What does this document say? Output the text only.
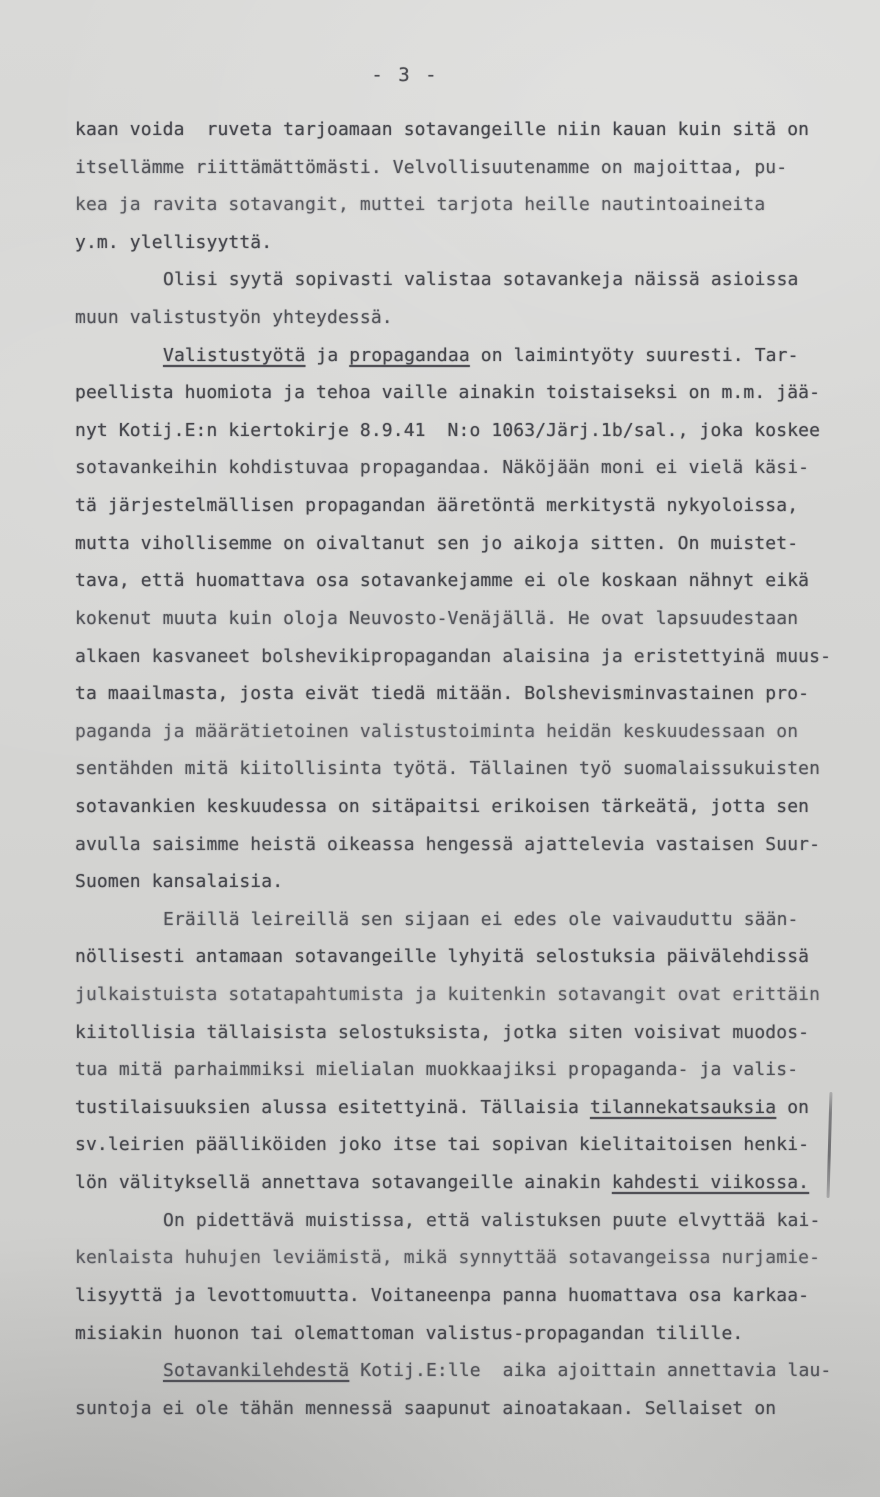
- 3 -
kaan voida  ruveta tarjoamaan sotavangeille niin kauan kuin sitä on
itsellämme riittämättömästi. Velvollisuutenamme on majoittaa, pu-
kea ja ravita sotavangit, muttei tarjota heille nautintoaineita
y.m. ylellisyyttä.
Olisi syytä sopivasti valistaa sotavankeja näissä asioissa
muun valistustyön yhteydessä.
Valistustyötä ja propagandaa on laimintyöty suuresti. Tar-
peellista huomiota ja tehoa vaille ainakin toistaiseksi on m.m. jää-
nyt Kotij.E:n kiertokirje 8.9.41  N:o 1063/Järj.1b/sal., joka koskee
sotavankeihin kohdistuvaa propagandaa. Näköjään moni ei vielä käsi-
tä järjestelmällisen propagandan ääretöntä merkitystä nykyoloissa,
mutta vihollisemme on oivaltanut sen jo aikoja sitten. On muistet-
tava, että huomattava osa sotavankejamme ei ole koskaan nähnyt eikä
kokenut muuta kuin oloja Neuvosto-Venäjällä. He ovat lapsuudestaan
alkaen kasvaneet bolshevikipropagandan alaisina ja eristettyinä muus-
ta maailmasta, josta eivät tiedä mitään. Bolshevisminvastainen pro-
paganda ja määrätietoinen valistustoiminta heidän keskuudessaan on
sentähden mitä kiitollisinta työtä. Tällainen työ suomalaissukuisten
sotavankien keskuudessa on sitäpaitsi erikoisen tärkeätä, jotta sen
avulla saisimme heistä oikeassa hengessä ajattelevia vastaisen Suur-
Suomen kansalaisia.
Eräillä leireillä sen sijaan ei edes ole vaivauduttu sään-
nöllisesti antamaan sotavangeille lyhyitä selostuksia päivälehdissä
julkaistuista sotatapahtumista ja kuitenkin sotavangit ovat erittäin
kiitollisia tällaisista selostuksista, jotka siten voisivat muodos-
tua mitä parhaimmiksi mielialan muokkaajiksi propaganda- ja valis-
tustilaisuuksien alussa esitettyinä. Tällaisia tilannekatsauksia on
sv.leirien päälliköiden joko itse tai sopivan kielitaitoisen henki-
lön välityksellä annettava sotavangeille ainakin kahdesti viikossa.
On pidettävä muistissa, että valistuksen puute elvyttää kai-
kenlaista huhujen leviämistä, mikä synnyttää sotavangeissa nurjamie-
lisyyttä ja levottomuutta. Voitaneenpa panna huomattava osa karkaa-
misiakin huonon tai olemattoman valistus-propagandan tilille.
Sotavankilehdestä Kotij.E:lle  aika ajoittain annettavia lau-
suntoja ei ole tähän mennessä saapunut ainoatakaan. Sellaiset on
